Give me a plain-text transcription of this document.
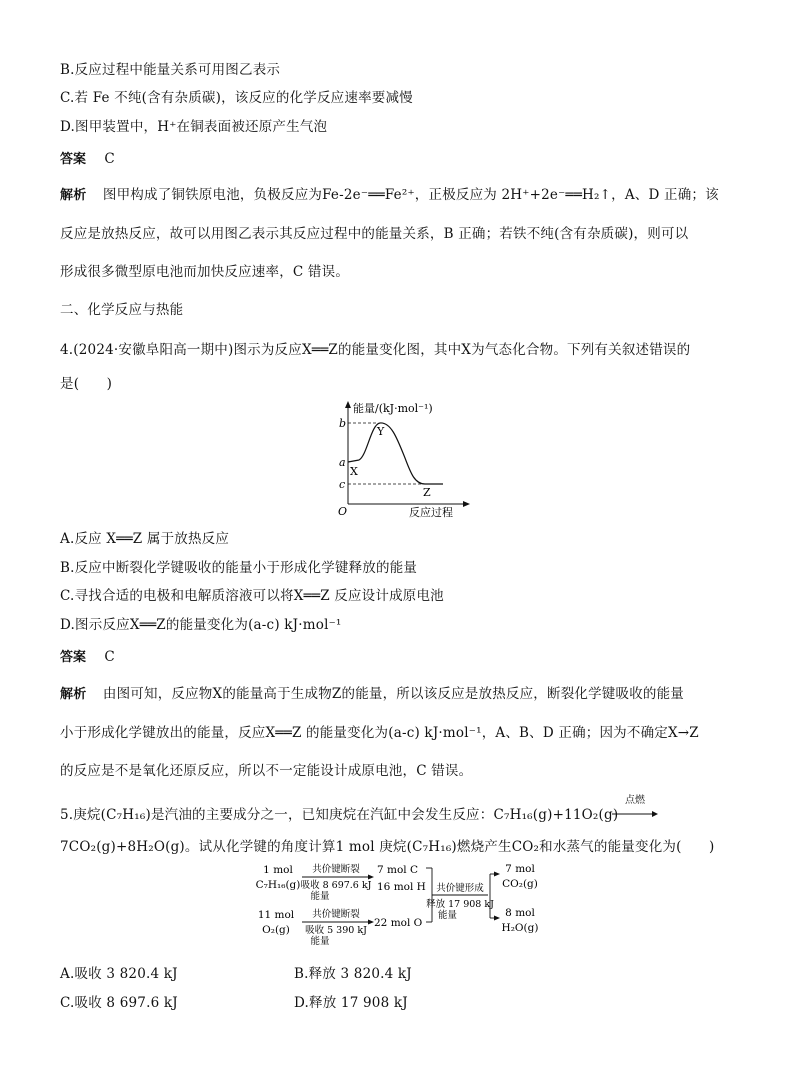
B.反应过程中能量关系可用图乙表示
C.若 Fe 不纯(含有杂质碳)，该反应的化学反应速率要减慢
D.图甲装置中，H⁺在铜表面被还原产生气泡
答案 C
解析 图甲构成了铜铁原电池，负极反应为Fe-2e⁻══Fe²⁺，正极反应为 2H⁺+2e⁻══H₂↑，A、D 正确；该
反应是放热反应，故可以用图乙表示其反应过程中的能量关系，B 正确；若铁不纯(含有杂质碳)，则可以
形成很多微型原电池而加快反应速率，C 错误。
二、化学反应与热能
4.(2024·安徽阜阳高一期中)图示为反应X══Z的能量变化图，其中X为气态化合物。下列有关叙述错误的
是(　　)
能量/(kJ·mol⁻¹)
b
a
c
O
X
Y
Z
反应过程
A.反应 X══Z 属于放热反应
B.反应中断裂化学键吸收的能量小于形成化学键释放的能量
C.寻找合适的电极和电解质溶液可以将X══Z 反应设计成原电池
D.图示反应X══Z的能量变化为(a-c) kJ·mol⁻¹
答案 C
解析 由图可知，反应物X的能量高于生成物Z的能量，所以该反应是放热反应，断裂化学键吸收的能量
小于形成化学键放出的能量，反应X══Z 的能量变化为(a-c) kJ·mol⁻¹，A、B、D 正确；因为不确定X→Z
的反应是不是氧化还原反应，所以不一定能设计成原电池，C 错误。
5.庚烷(C₇H₁₆)是汽油的主要成分之一，已知庚烷在汽缸中会发生反应：C₇H₁₆(g)+11O₂(g)
点燃
7CO₂(g)+8H₂O(g)。试从化学键的角度计算1 mol 庚烷(C₇H₁₆)燃烧产生CO₂和水蒸气的能量变化为(　　)
1 mol
C₇H₁₆(g)
共价键断裂
吸收 8 697.6 kJ
能量
7 mol C
16 mol H
11 mol
O₂(g)
共价键断裂
吸收 5 390 kJ
能量
22 mol O
共价键形成
释放 17 908 kJ
能量
7 mol
CO₂(g)
8 mol
H₂O(g)
A.吸收 3 820.4 kJ	B.释放 3 820.4 kJ
C.吸收 8 697.6 kJ	D.释放 17 908 kJ
